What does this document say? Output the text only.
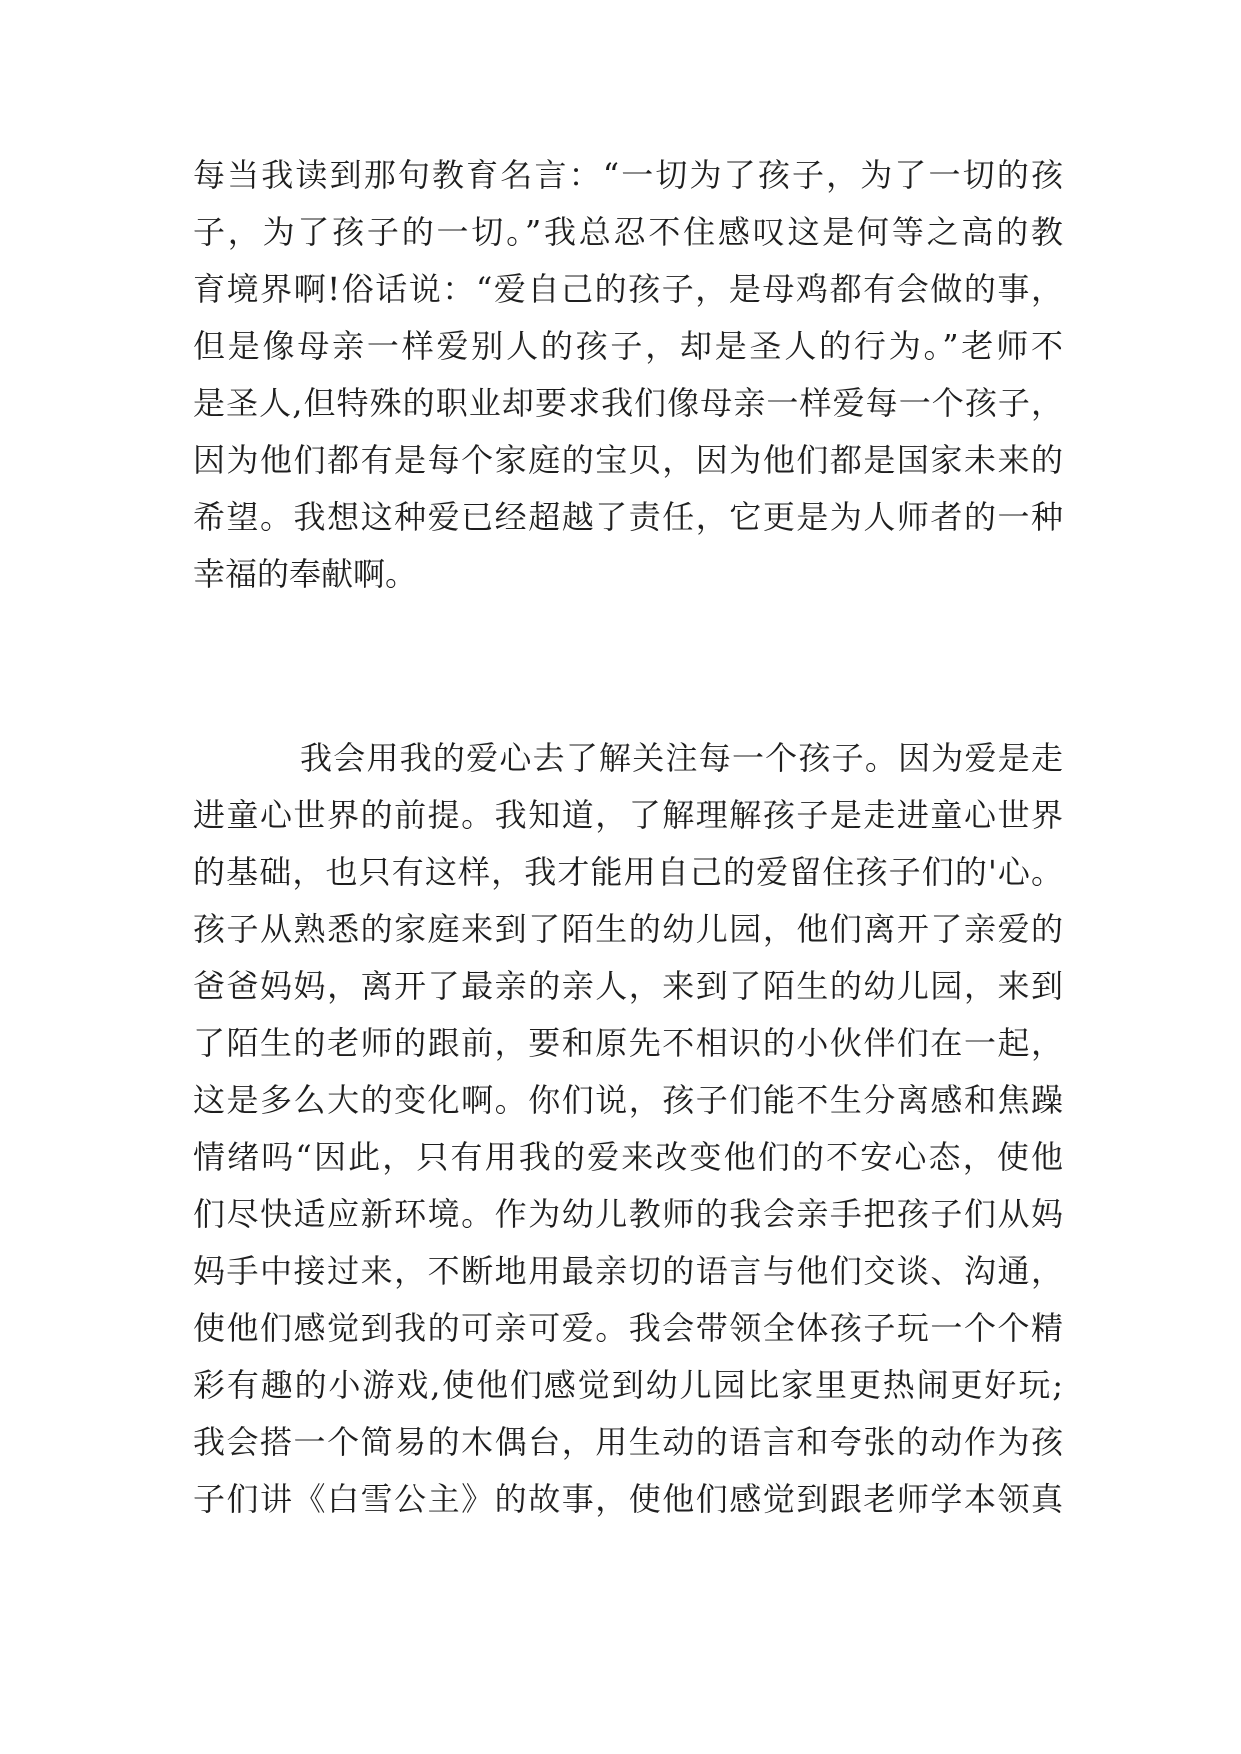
每当我读到那句教育名言：“一切为了孩子，为了一切的孩
子，为了孩子的一切。”我总忍不住感叹这是何等之高的教
育境界啊!俗话说：“爱自己的孩子，是母鸡都有会做的事，
但是像母亲一样爱别人的孩子，却是圣人的行为。”老师不
是圣人,但特殊的职业却要求我们像母亲一样爱每一个孩子，
因为他们都有是每个家庭的宝贝，因为他们都是国家未来的
希望。我想这种爱已经超越了责任，它更是为人师者的一种
幸福的奉献啊。
我会用我的爱心去了解关注每一个孩子。因为爱是走
进童心世界的前提。我知道，了解理解孩子是走进童心世界
的基础，也只有这样，我才能用自己的爱留住孩子们的'心。
孩子从熟悉的家庭来到了陌生的幼儿园，他们离开了亲爱的
爸爸妈妈，离开了最亲的亲人，来到了陌生的幼儿园，来到
了陌生的老师的跟前，要和原先不相识的小伙伴们在一起，
这是多么大的变化啊。你们说，孩子们能不生分离感和焦躁
情绪吗“因此，只有用我的爱来改变他们的不安心态，使他
们尽快适应新环境。作为幼儿教师的我会亲手把孩子们从妈
妈手中接过来，不断地用最亲切的语言与他们交谈、沟通，
使他们感觉到我的可亲可爱。我会带领全体孩子玩一个个精
彩有趣的小游戏,使他们感觉到幼儿园比家里更热闹更好玩;
我会搭一个简易的木偶台，用生动的语言和夸张的动作为孩
子们讲《白雪公主》的故事，使他们感觉到跟老师学本领真
